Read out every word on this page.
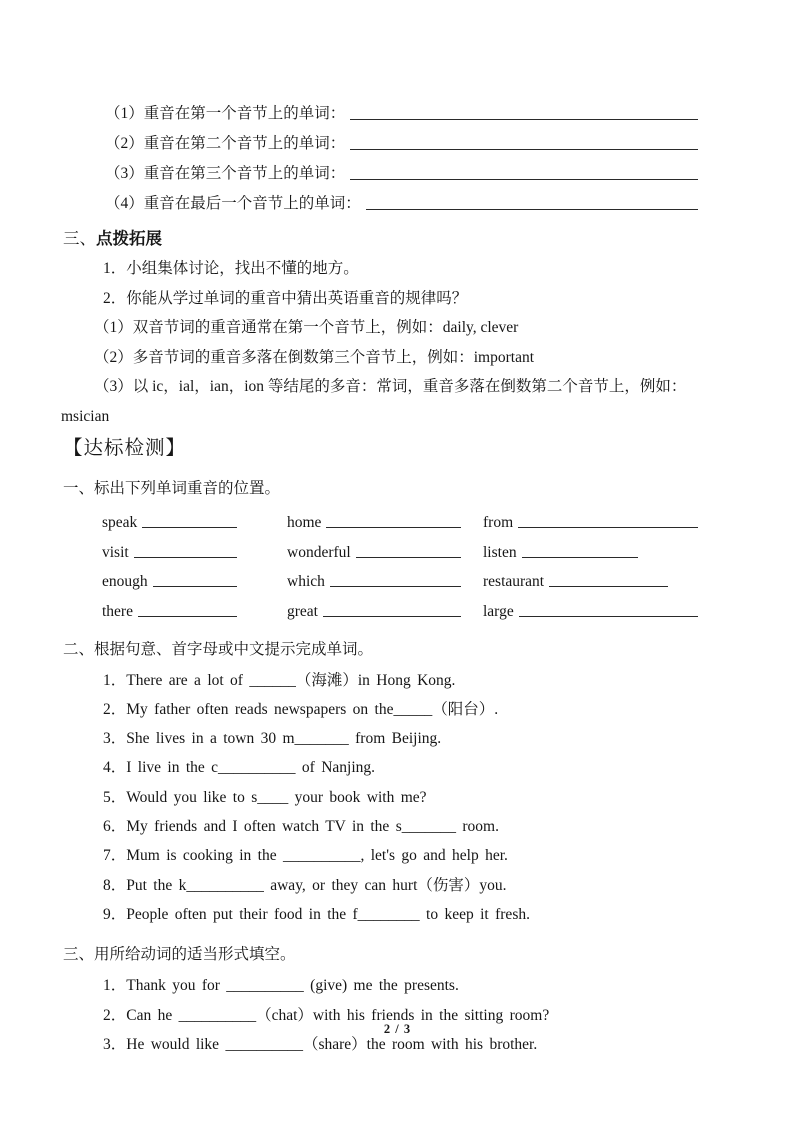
（1）重音在第一个音节上的单词：
（2）重音在第二个音节上的单词：
（3）重音在第三个音节上的单词：
（4）重音在最后一个音节上的单词：
三、点拨拓展
1．小组集体讨论，找出不懂的地方。
2．你能从学过单词的重音中猜出英语重音的规律吗？
（1）双音节词的重音通常在第一个音节上，例如：daily, clever
（2）多音节词的重音多落在倒数第三个音节上，例如：important
（3）以 ic，ial，ian，ion 等结尾的多音：常词，重音多落在倒数第二个音节上，例如：
msician
【达标检测】
一、标出下列单词重音的位置。
speak	home	from
visit	wonderful	listen
enough	which	restaurant
there	great	large
二、根据句意、首字母或中文提示完成单词。
1．There are a lot of ______（海滩）in Hong Kong.
2．My father often reads newspapers on the_____（阳台）.
3．She lives in a town 30 m_______ from Beijing.
4．I live in the c__________ of Nanjing.
5．Would you like to s____ your book with me?
6．My friends and I often watch TV in the s_______ room.
7．Mum is cooking in the __________, let's go and help her.
8．Put the k__________ away, or they can hurt（伤害）you.
9．People often put their food in the f________ to keep it fresh.
三、用所给动词的适当形式填空。
1．Thank you for __________ (give) me the presents.
2．Can he __________（chat）with his friends in the sitting room?
3．He would like __________（share）the room with his brother.
2 / 3
